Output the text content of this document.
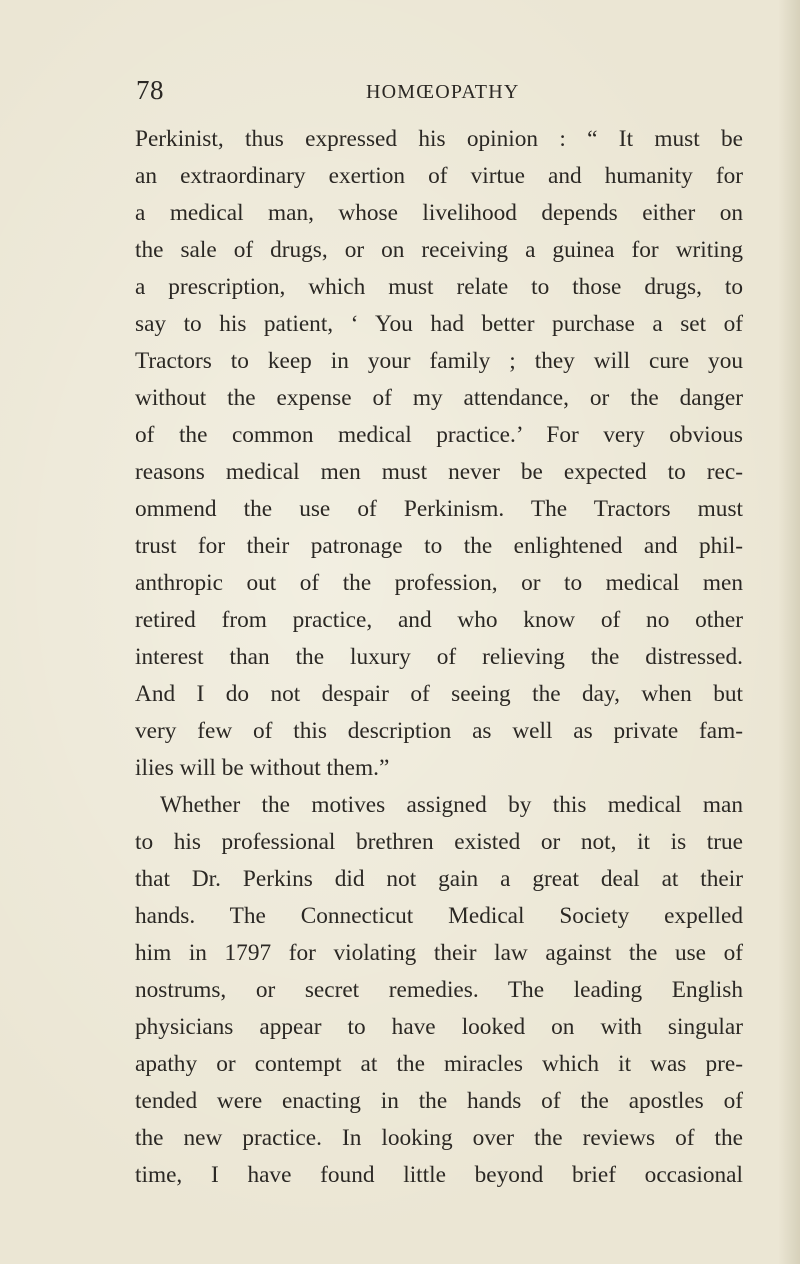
78	HOMŒOPATHY
Perkinist, thus expressed his opinion : “ It must be
an extraordinary exertion of virtue and humanity for
a medical man, whose livelihood depends either on
the sale of drugs, or on receiving a guinea for writing
a prescription, which must relate to those drugs, to
say to his patient, ‘ You had better purchase a set of
Tractors to keep in your family ; they will cure you
without the expense of my attendance, or the danger
of the common medical practice.’ For very obvious
reasons medical men must never be expected to rec-
ommend the use of Perkinism. The Tractors must
trust for their patronage to the enlightened and phil-
anthropic out of the profession, or to medical men
retired from practice, and who know of no other
interest than the luxury of relieving the distressed.
And I do not despair of seeing the day, when but
very few of this description as well as private fam-
ilies will be without them.”
Whether the motives assigned by this medical man
to his professional brethren existed or not, it is true
that Dr. Perkins did not gain a great deal at their
hands. The Connecticut Medical Society expelled
him in 1797 for violating their law against the use of
nostrums, or secret remedies. The leading English
physicians appear to have looked on with singular
apathy or contempt at the miracles which it was pre-
tended were enacting in the hands of the apostles of
the new practice. In looking over the reviews of the
time, I have found little beyond brief occasional
